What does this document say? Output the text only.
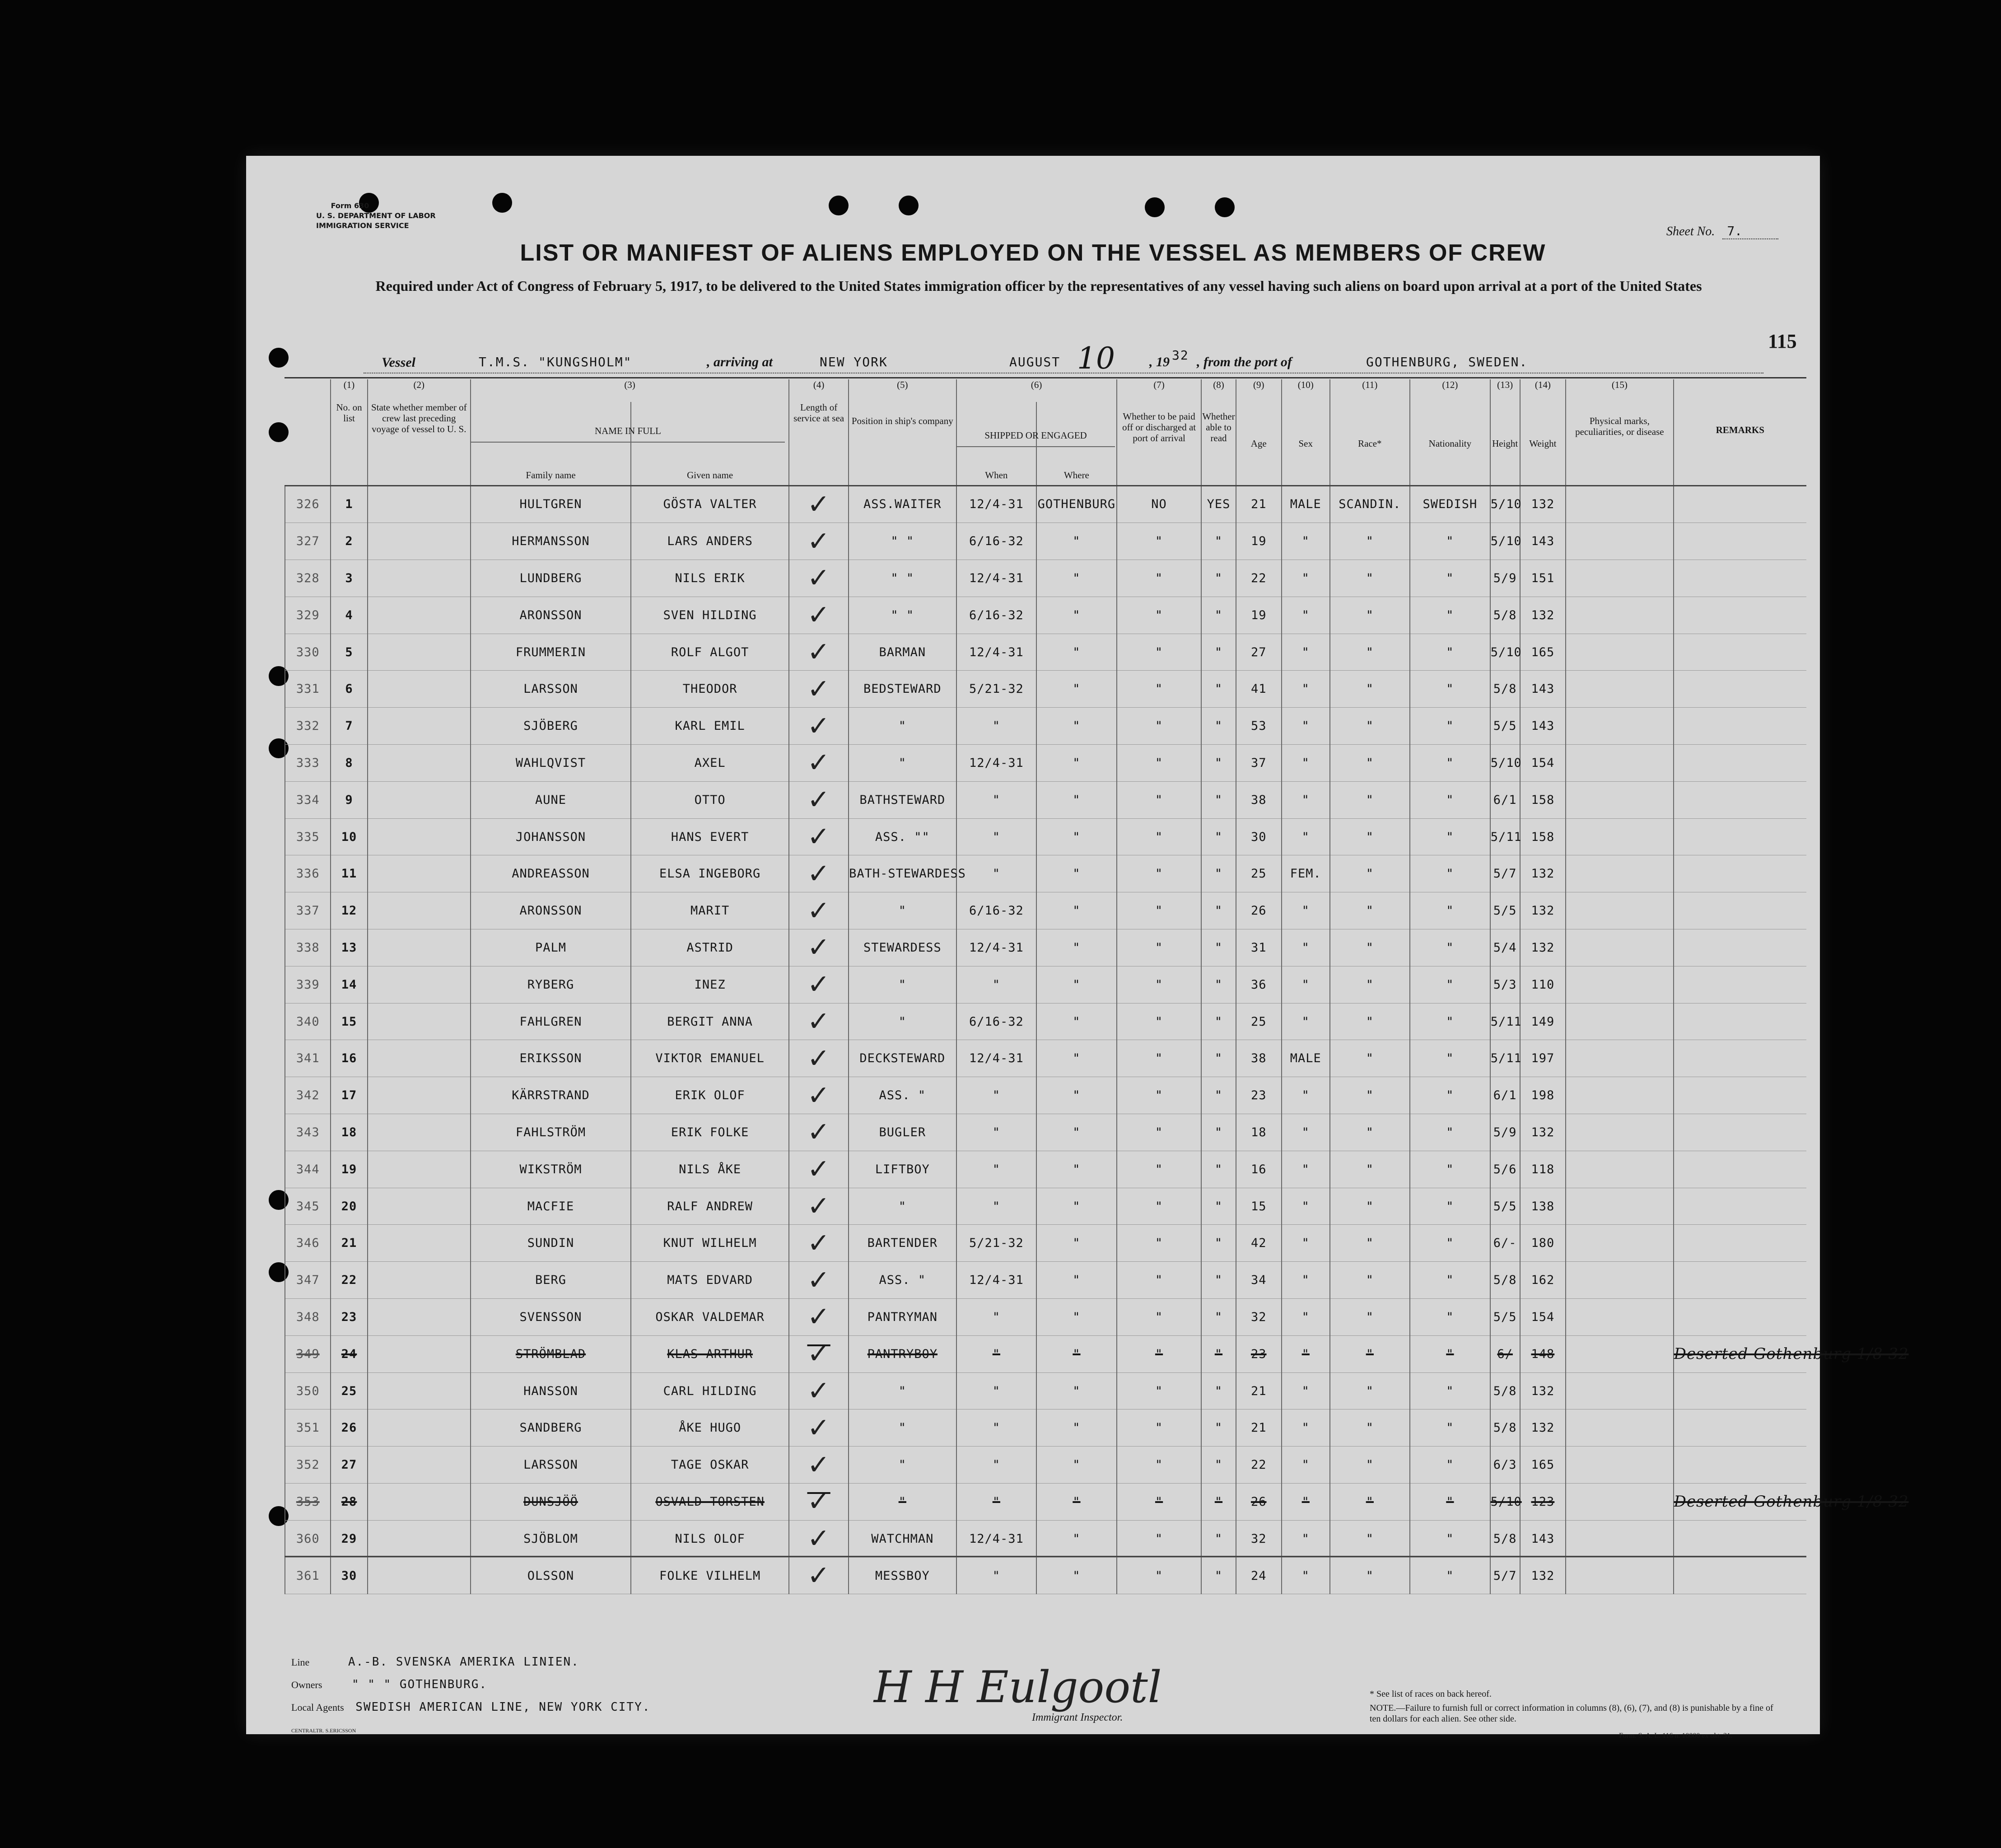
Form 630
U. S. DEPARTMENT OF LABOR
IMMIGRATION SERVICE	Sheet No. 7.
LIST OR MANIFEST OF ALIENS EMPLOYED ON THE VESSEL AS MEMBERS OF CREW
Required under Act of Congress of February 5, 1917, to be delivered to the United States immigration officer by the representatives of any vessel having such aliens on board upon arrival at a port of the United States
115
Vessel	T.M.S. "KUNGSHOLM"	, arriving at	NEW YORK	AUGUST 10	, 19 32 , from the port of	GOTHENBURG, SWEDEN.
	(1)	(2)	(3)		(4)	(5)	(6)		(7)	(8)	(9)	(10)	(11)	(12)	(13)	(14)	(15)	
	No. on list	State whether member of crew last preceding voyage of vessel to U. S.	NAME IN FULL
Family name	Given name	Length of service at sea	Position in ship's company	SHIPPED OR ENGAGED
When	Where	Whether to be paid off or discharged at port of arrival	Whether able to read	Age	Sex	Race*	Nationality	Height	Weight	Physical marks, peculiarities, or disease	REMARKS
326	1		HULTGREN	GÖSTA VALTER	✓	ASS.WAITER	12/4-31	GOTHENBURG	NO	YES	21	MALE	SCANDIN.	SWEDISH	5/10	132		
327	2		HERMANSSON	LARS ANDERS	✓	" "	6/16-32	"	"	"	19	"	"	"	5/10	143		
328	3		LUNDBERG	NILS ERIK	✓	" "	12/4-31	"	"	"	22	"	"	"	5/9	151		
329	4		ARONSSON	SVEN HILDING	✓	" "	6/16-32	"	"	"	19	"	"	"	5/8	132		
330	5		FRUMMERIN	ROLF ALGOT	✓	BARMAN	12/4-31	"	"	"	27	"	"	"	5/10	165		
331	6		LARSSON	THEODOR	✓	BEDSTEWARD	5/21-32	"	"	"	41	"	"	"	5/8	143		
332	7		SJÖBERG	KARL EMIL	✓	"	"	"	"	"	53	"	"	"	5/5	143		
333	8		WAHLQVIST	AXEL	✓	"	12/4-31	"	"	"	37	"	"	"	5/10	154		
334	9		AUNE	OTTO	✓	BATHSTEWARD	"	"	"	"	38	"	"	"	6/1	158		
335	10		JOHANSSON	HANS EVERT	✓	ASS. ""	"	"	"	"	30	"	"	"	5/11	158		
336	11		ANDREASSON	ELSA INGEBORG	✓	BATH-STEWARDESS	"	"	"	"	25	FEM.	"	"	5/7	132		
337	12		ARONSSON	MARIT	✓	"	6/16-32	"	"	"	26	"	"	"	5/5	132		
338	13		PALM	ASTRID	✓	STEWARDESS	12/4-31	"	"	"	31	"	"	"	5/4	132		
339	14		RYBERG	INEZ	✓	"	"	"	"	"	36	"	"	"	5/3	110		
340	15		FAHLGREN	BERGIT ANNA	✓	"	6/16-32	"	"	"	25	"	"	"	5/11	149		
341	16		ERIKSSON	VIKTOR EMANUEL	✓	DECKSTEWARD	12/4-31	"	"	"	38	MALE	"	"	5/11	197		
342	17		KÄRRSTRAND	ERIK OLOF	✓	ASS. "	"	"	"	"	23	"	"	"	6/1	198		
343	18		FAHLSTRÖM	ERIK FOLKE	✓	BUGLER	"	"	"	"	18	"	"	"	5/9	132		
344	19		WIKSTRÖM	NILS ÅKE	✓	LIFTBOY	"	"	"	"	16	"	"	"	5/6	118		
345	20		MACFIE	RALF ANDREW	✓	"	"	"	"	"	15	"	"	"	5/5	138		
346	21		SUNDIN	KNUT WILHELM	✓	BARTENDER	5/21-32	"	"	"	42	"	"	"	6/-	180		
347	22		BERG	MATS EDVARD	✓	ASS. "	12/4-31	"	"	"	34	"	"	"	5/8	162		
348	23		SVENSSON	OSKAR VALDEMAR	✓	PANTRYMAN	"	"	"	"	32	"	"	"	5/5	154		
349	24		STRÖMBLAD	KLAS ARTHUR	✓	PANTRYBOY	"	"	"	"	23	"	"	"	6/	148		Deserted Gothenburg 1/8 32

350	25		HANSSON	CARL HILDING	✓	"	"	"	"	"	21	"	"	"	5/8	132		
351	26		SANDBERG	ÅKE HUGO	✓	"	"	"	"	"	21	"	"	"	5/8	132		
352	27		LARSSON	TAGE OSKAR	✓	"	"	"	"	"	22	"	"	"	6/3	165		
353	28		DUNSJÖÖ	OSVALD TORSTEN	✓	"	"	"	"	"	26	"	"	"	5/10	123		Deserted Gothenburg 1/8 32

360	29		SJÖBLOM	NILS OLOF	✓	WATCHMAN	12/4-31	"	"	"	32	"	"	"	5/8	143		
361	30		OLSSON	FOLKE VILHELM	✓	MESSBOY	"	"	"	"	24	"	"	"	5/7	132		
Line	A.-B. SVENSKA AMERIKA LINIEN.
Owners	" " " GOTHENBURG.
Local Agents SWEDISH AMERICAN LINE, NEW YORK CITY.
CENTRALTR. S.ERICSSON
H H Eulgootl
Immigrant Inspector.
* See list of races on back hereof.
NOTE.—Failure to furnish full or correct information in columns (8), (6), (7), and (8) is punishable by a fine of ten dollars for each alien. See other side.
Form. S. A. L. 116 n. 10000 ex okt. 31.
